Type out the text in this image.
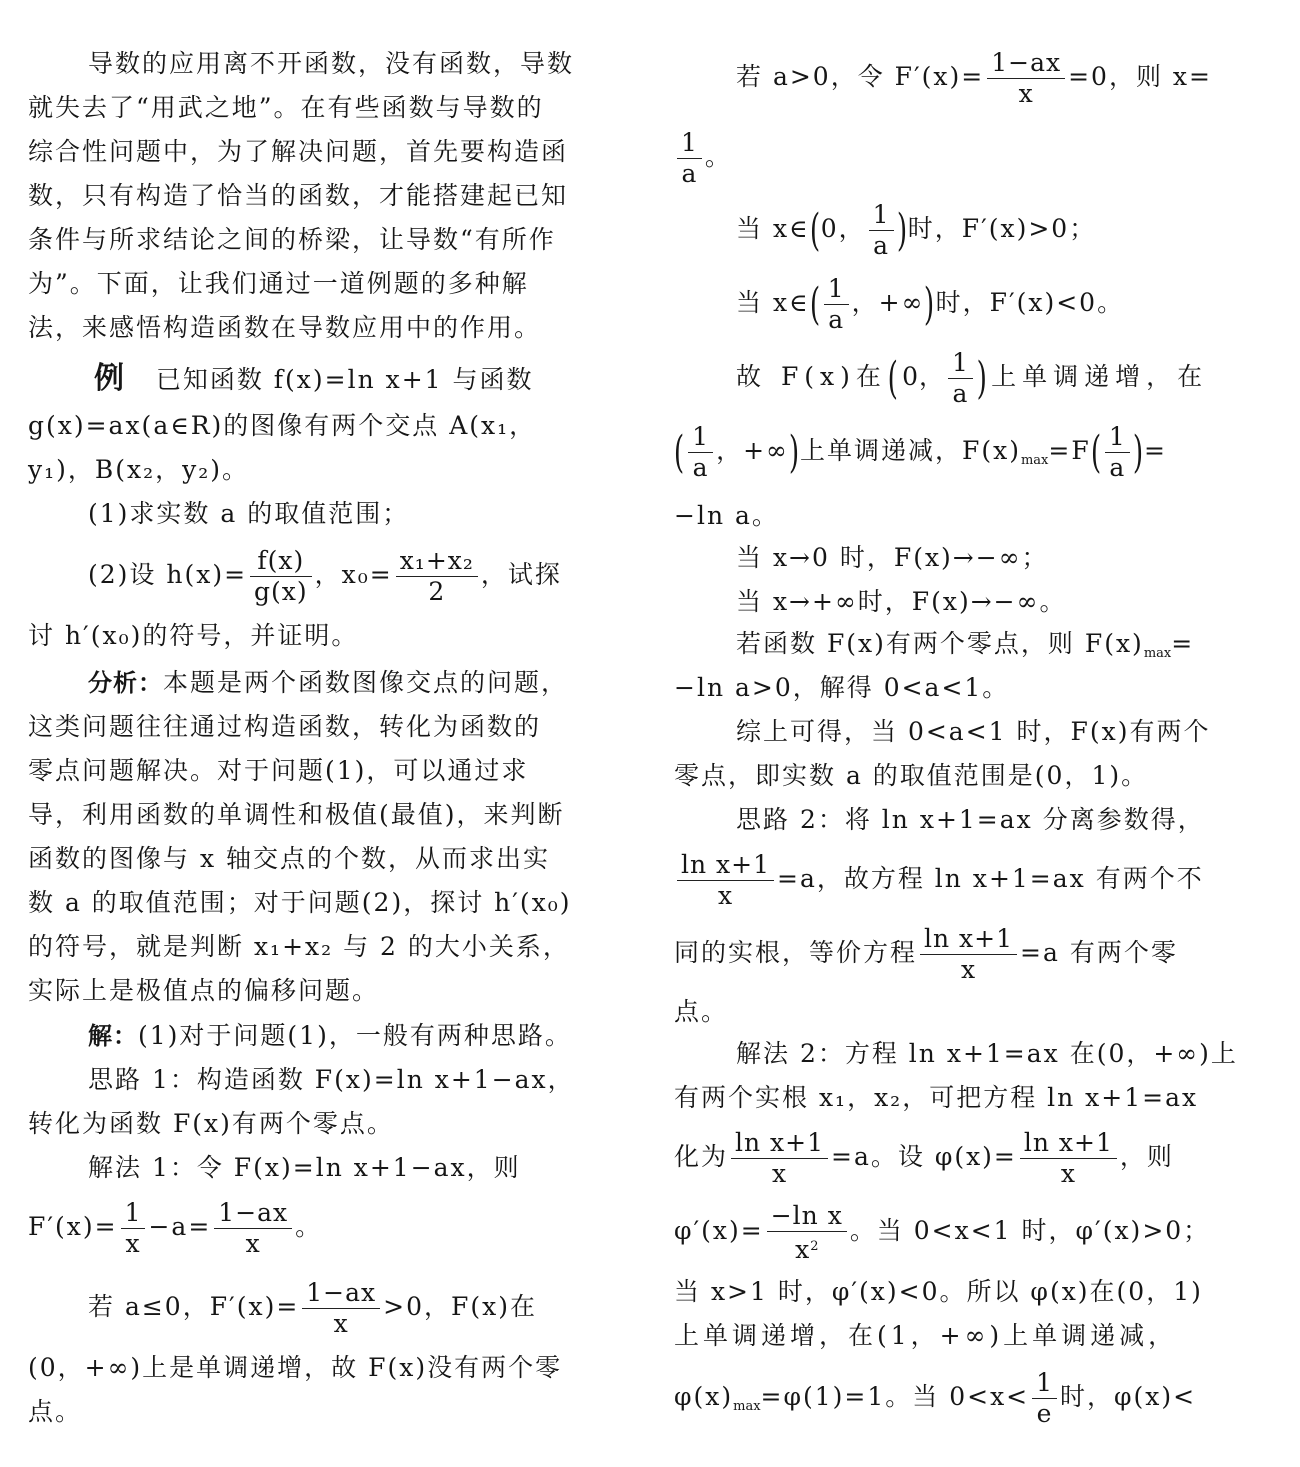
导数的应用离不开函数，没有函数，导数
就失去了“用武之地”。在有些函数与导数的
综合性问题中，为了解决问题，首先要构造函
数，只有构造了恰当的函数，才能搭建起已知
条件与所求结论之间的桥梁，让导数“有所作
为”。下面，让我们通过一道例题的多种解
法，来感悟构造函数在导数应用中的作用。
例 已知函数 f(x)=ln x+1 与函数
g(x)=ax(a∈R)的图像有两个交点 A(x₁，
y₁)，B(x₂，y₂)。
(1)求实数 a 的取值范围；
(2)设 $h(x)= \frac{f(x)}{g(x)}$ ，$x_0= \frac{\text{x₁+x₂}}{2}$ ，试探
讨 h′(x₀)的符号，并证明。
分析：本题是两个函数图像交点的问题，
这类问题往往通过构造函数，转化为函数的
零点问题解决。对于问题(1)，可以通过求
导，利用函数的单调性和极值(最值)，来判断
函数的图像与 x 轴交点的个数，从而求出实
数 a 的取值范围；对于问题(2)，探讨 h′(x₀)
的符号，就是判断 x₁+x₂ 与 2 的大小关系，
实际上是极值点的偏移问题。
解：(1)对于问题(1)，一般有两种思路。
思路 1：构造函数 F(x)=ln x+1−ax，
转化为函数 F(x)有两个零点。
解法 1：令 F(x)=ln x+1−ax，则
$F'(x)= \frac{1}{x} -a= \frac{1-ax}{x}$ 。
若 a≤0，$F'(x)= \frac{1-ax}{x} >0$，F(x)在
(0，+∞)上是单调递增，故 F(x)没有两个零
点。
若 a>0，令 $F'(x)= \frac{1-ax}{x} =0$，则 x=
$\frac{1}{a}$ 。
当 x∈(0， $\frac{1}{a}$ )时，F′(x)>0；
当 x∈( $\frac{1}{a}$ ，+∞)时，F′(x)<0。
故 F(x)在(0， $\frac{1}{a}$ )上单调递增，在
( $\frac{1}{a}$ ，+∞)上单调递减，$F(x)_{max}=F( \frac{1}{a}$ )=
−ln a。
当 x→0 时，F(x)→−∞；
当 x→+∞时，F(x)→−∞。
若函数 F(x)有两个零点，则 $F(x)_{max}=$
−ln a>0，解得 0<a<1。
综上可得，当 0<a<1 时，F(x)有两个
零点，即实数 a 的取值范围是(0，1)。
思路 2：将 ln x+1=ax 分离参数得，
$\frac{\text{ln x+1}}{x} =a$，故方程 ln x+1=ax 有两个不
同的实根，等价方程 $\frac{\text{ln x+1}}{x} =a$ 有两个零
点。
解法 2：方程 ln x+1=ax 在(0，+∞)上
有两个实根 x₁，x₂，可把方程 ln x+1=ax
化为 $\frac{\text{ln x+1}}{x} =a$。设 $\varphi(x)= \frac{\text{ln x+1}}{x}$ ，则
$\varphi'(x)= \frac{\text{−ln x}}{x^2}$ 。当 0<x<1 时，φ′(x)>0；
当 x>1 时，φ′(x)<0。所以 φ(x)在(0，1)
上单调递增，在(1，+∞)上单调递减，
$\varphi(x)_{max}=\varphi(1)=1$。当 $0<x< \frac{1}{e}$ 时，φ(x)<
